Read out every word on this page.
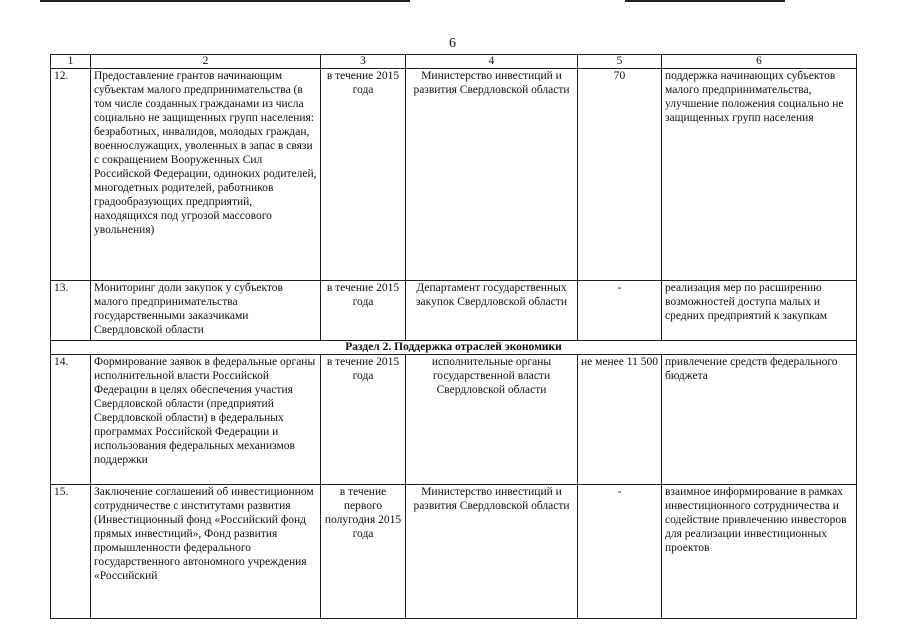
6
1	2	3	4	5	6
12.	Предоставление грантов начинающим субъектам малого предпринимательства (в том числе созданных гражданами из числа социально не защищенных групп населения: безработных, инвалидов, молодых граждан, военнослужащих, уволенных в запас в связи с сокращением Вооруженных Сил Российской Федерации, одиноких родителей, многодетных родителей, работников градообразующих предприятий, находящихся под угрозой массового увольнения)	в течение 2015 года	Министерство инвестиций и развития Свердловской области	70	поддержка начинающих субъектов малого предпринимательства, улучшение положения социально не защищенных групп населения
13.	Мониторинг доли закупок у субъектов малого предпринимательства государственными заказчиками Свердловской области	в течение 2015 года	Департамент государственных закупок Свердловской области	-	реализация мер по расширению возможностей доступа малых и средних предприятий к закупкам
Раздел 2. Поддержка отраслей экономики					
14.	Формирование заявок в федеральные органы исполнительной власти Российской Федерации в целях обеспечения участия Свердловской области (предприятий Свердловской области) в федеральных программах Российской Федерации и использования федеральных механизмов поддержки	в течение 2015 года	исполнительные органы государственной власти Свердловской области	не менее 11 500	привлечение средств федерального бюджета
15.	Заключение соглашений об инвестиционном сотрудничестве с институтами развития (Инвестиционный фонд «Российский фонд прямых инвестиций», Фонд развития промышленности федерального государственного автономного учреждения «Российский	в течение первого полугодия 2015 года	Министерство инвестиций и развития Свердловской области	-	взаимное информирование в рамках инвестиционного сотрудничества и содействие привлечению инвесторов для реализации инвестиционных проектов
